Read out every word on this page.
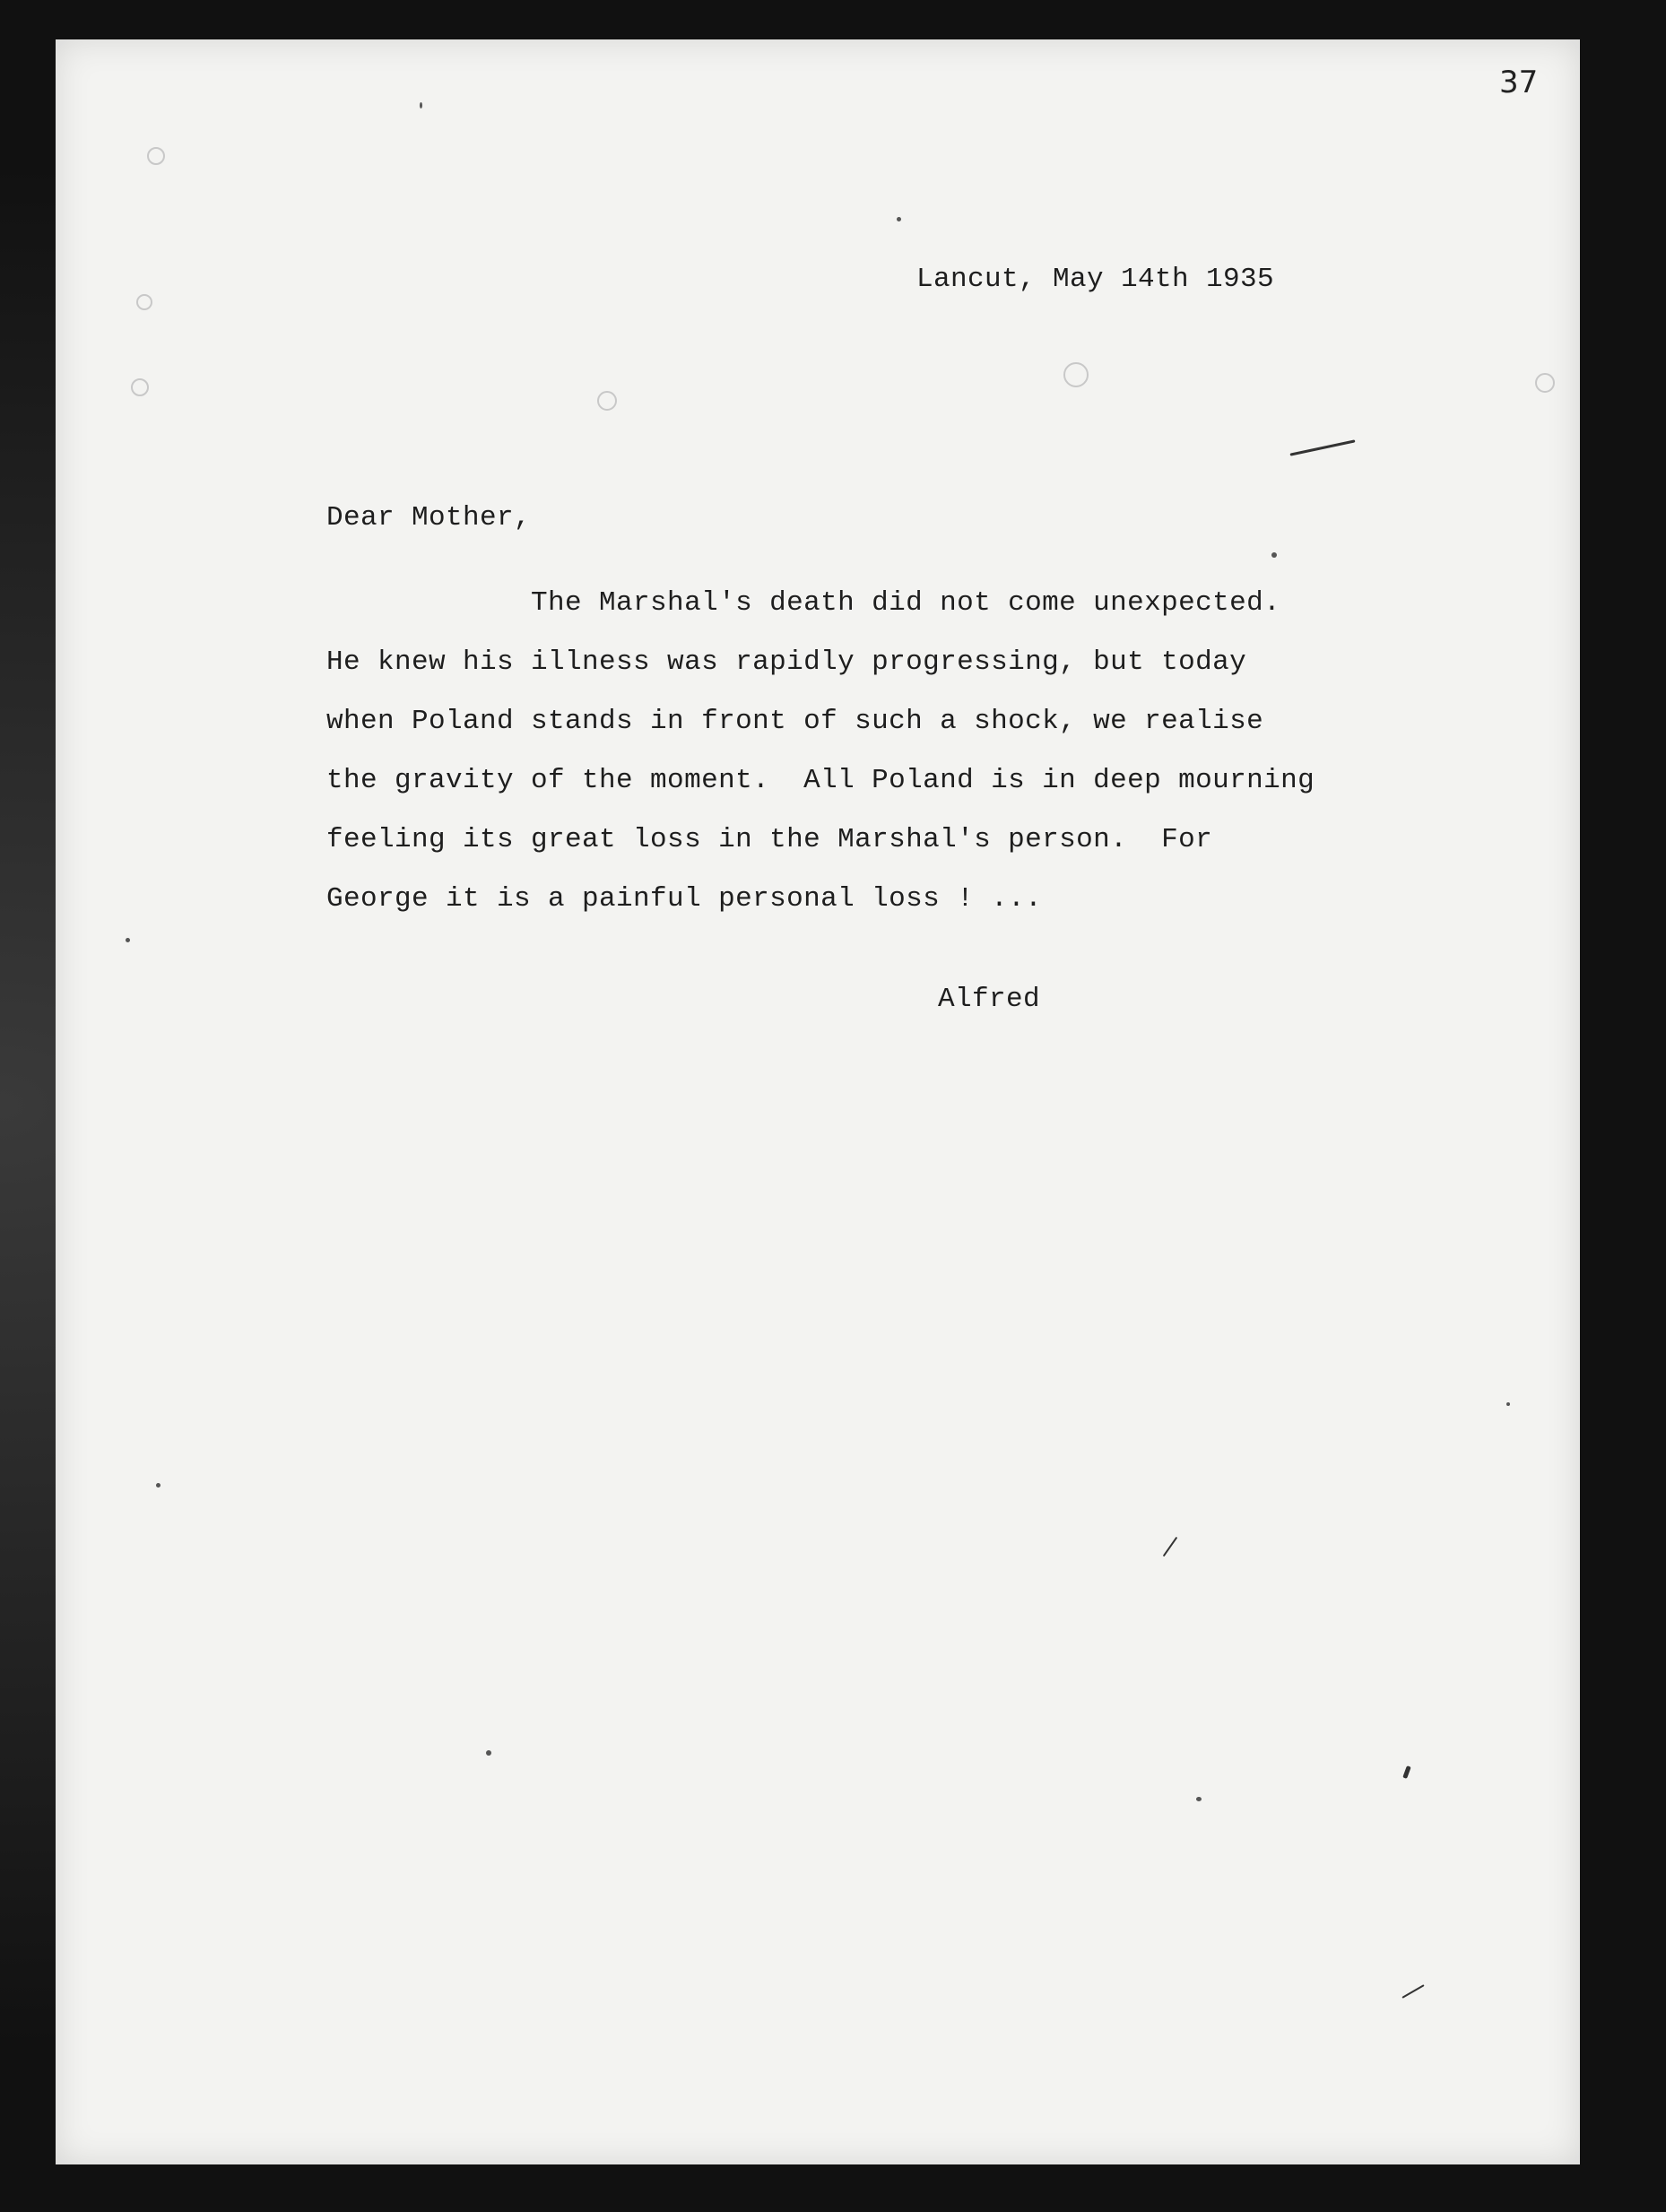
37
Lancut, May 14th 1935
Dear Mother,
The Marshal's death did not come unexpected.
He knew his illness was rapidly progressing, but today
when Poland stands in front of such a shock, we realise
the gravity of the moment.  All Poland is in deep mourning
feeling its great loss in the Marshal's person.  For
George it is a painful personal loss ! ...
Alfred
